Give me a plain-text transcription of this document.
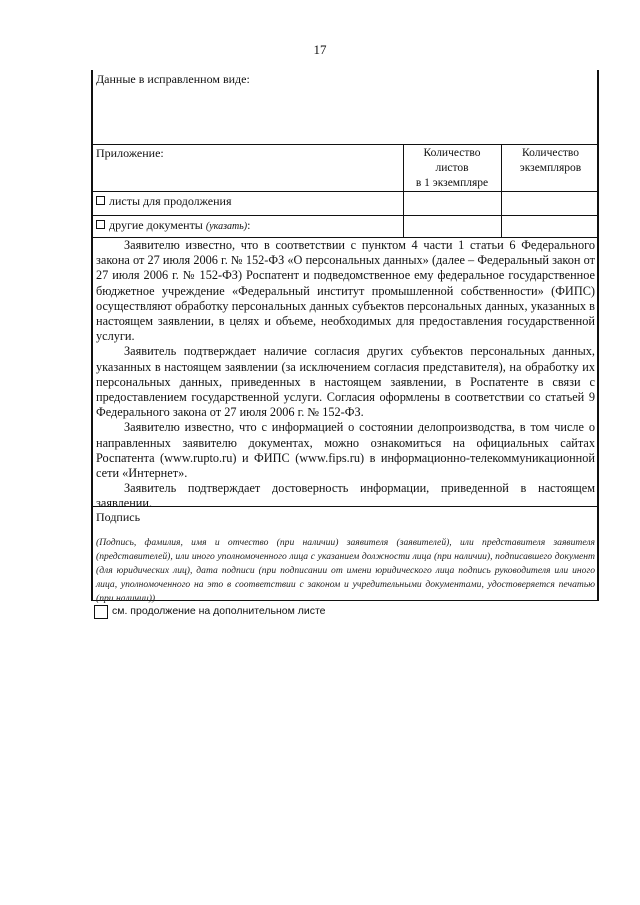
17
Данные в исправленном виде:
Приложение:	Количество
листов
в 1 экземпляре
Количество
экземпляров
листы для продолжения
другие документы (указать):

Заявителю известно, что в соответствии с пунктом 4 части 1 статьи 6 Федерального закона от 27 июля 2006 г. № 152-ФЗ «О персональных данных» (далее – Федеральный закон от 27 июля 2006 г. № 152-ФЗ) Роспатент и подведомственное ему федеральное государственное бюджетное учреждение «Федеральный институт промышленной собственности» (ФИПС) осуществляют обработку персональных данных субъектов персональных данных, указанных в настоящем заявлении, в целях и объеме, необходимых для предоставления государственной услуги.

Заявитель подтверждает наличие согласия других субъектов персональных данных, указанных в настоящем заявлении (за исключением согласия представителя), на обработку их персональных данных, приведенных в настоящем заявлении, в Роспатенте в связи с предоставлением государственной услуги. Согласия оформлены в соответствии со статьей 9 Федерального закона от 27 июля 2006 г. № 152-ФЗ.

Заявителю известно, что с информацией о состоянии делопроизводства, в том числе о направленных заявителю документах, можно ознакомиться на официальных сайтах Роспатента (www.rupto.ru) и ФИПС (www.fips.ru) в информационно-телекоммуникационной сети «Интернет».

Заявитель подтверждает достоверность информации, приведенной в настоящем заявлении.

Подпись
(Подпись, фамилия, имя и отчество (при наличии) заявителя (заявителей), или представителя заявителя (представителей), или иного уполномоченного лица с указанием должности лица (при наличии), подписавшего документ (для юридических лиц), дата подписи (при подписании от имени юридического лица подпись руководителя или иного лица, уполномоченного на это в соответствии с законом и учредительными документами, удостоверяется печатью (при наличии))
см. продолжение на дополнительном листе
